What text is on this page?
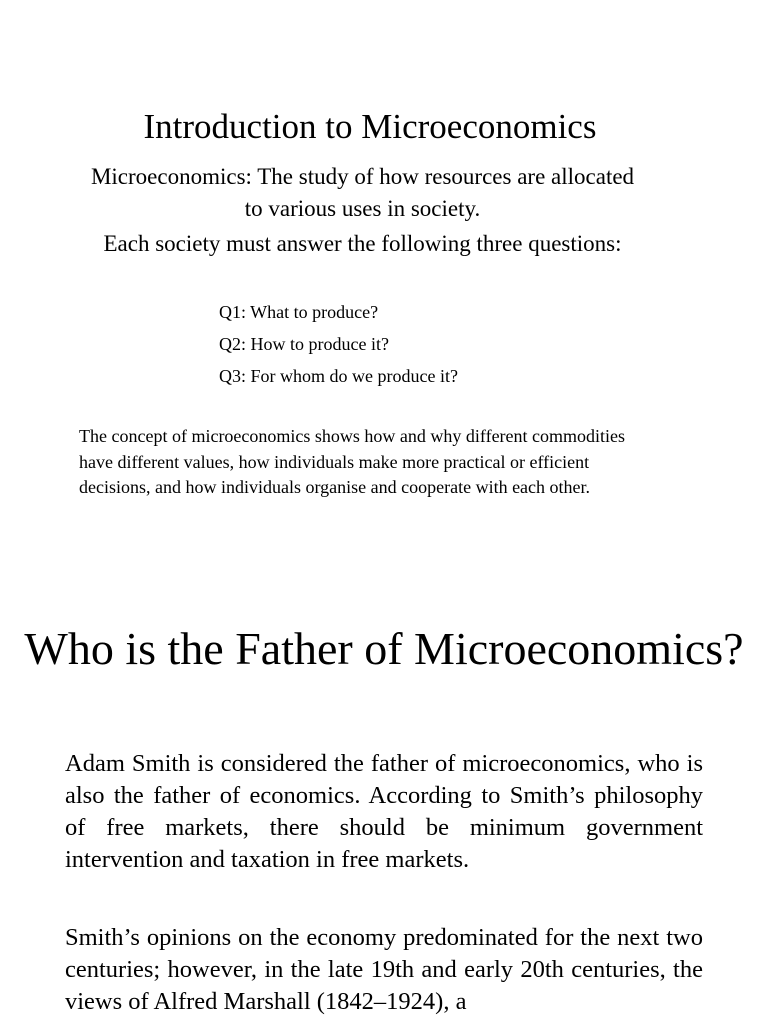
Introduction to Microeconomics
Microeconomics: The study of how resources are allocated to various uses in society.
Each society must answer the following three questions:
Q1: What to produce?
Q2: How to produce it?
Q3: For whom do we produce it?
The concept of microeconomics shows how and why different commodities have different values, how individuals make more practical or efficient decisions, and how individuals organise and cooperate with each other.
Who is the Father of Microeconomics?

Adam Smith is considered the father of microeconomics, who is also the father of economics. According to Smith’s philosophy of free markets, there should be minimum government intervention and taxation in free markets.

Smith’s opinions on the economy predominated for the next two centuries; however, in the late 19th and early 20th centuries, the views of Alfred Marshall (1842–1924), a
